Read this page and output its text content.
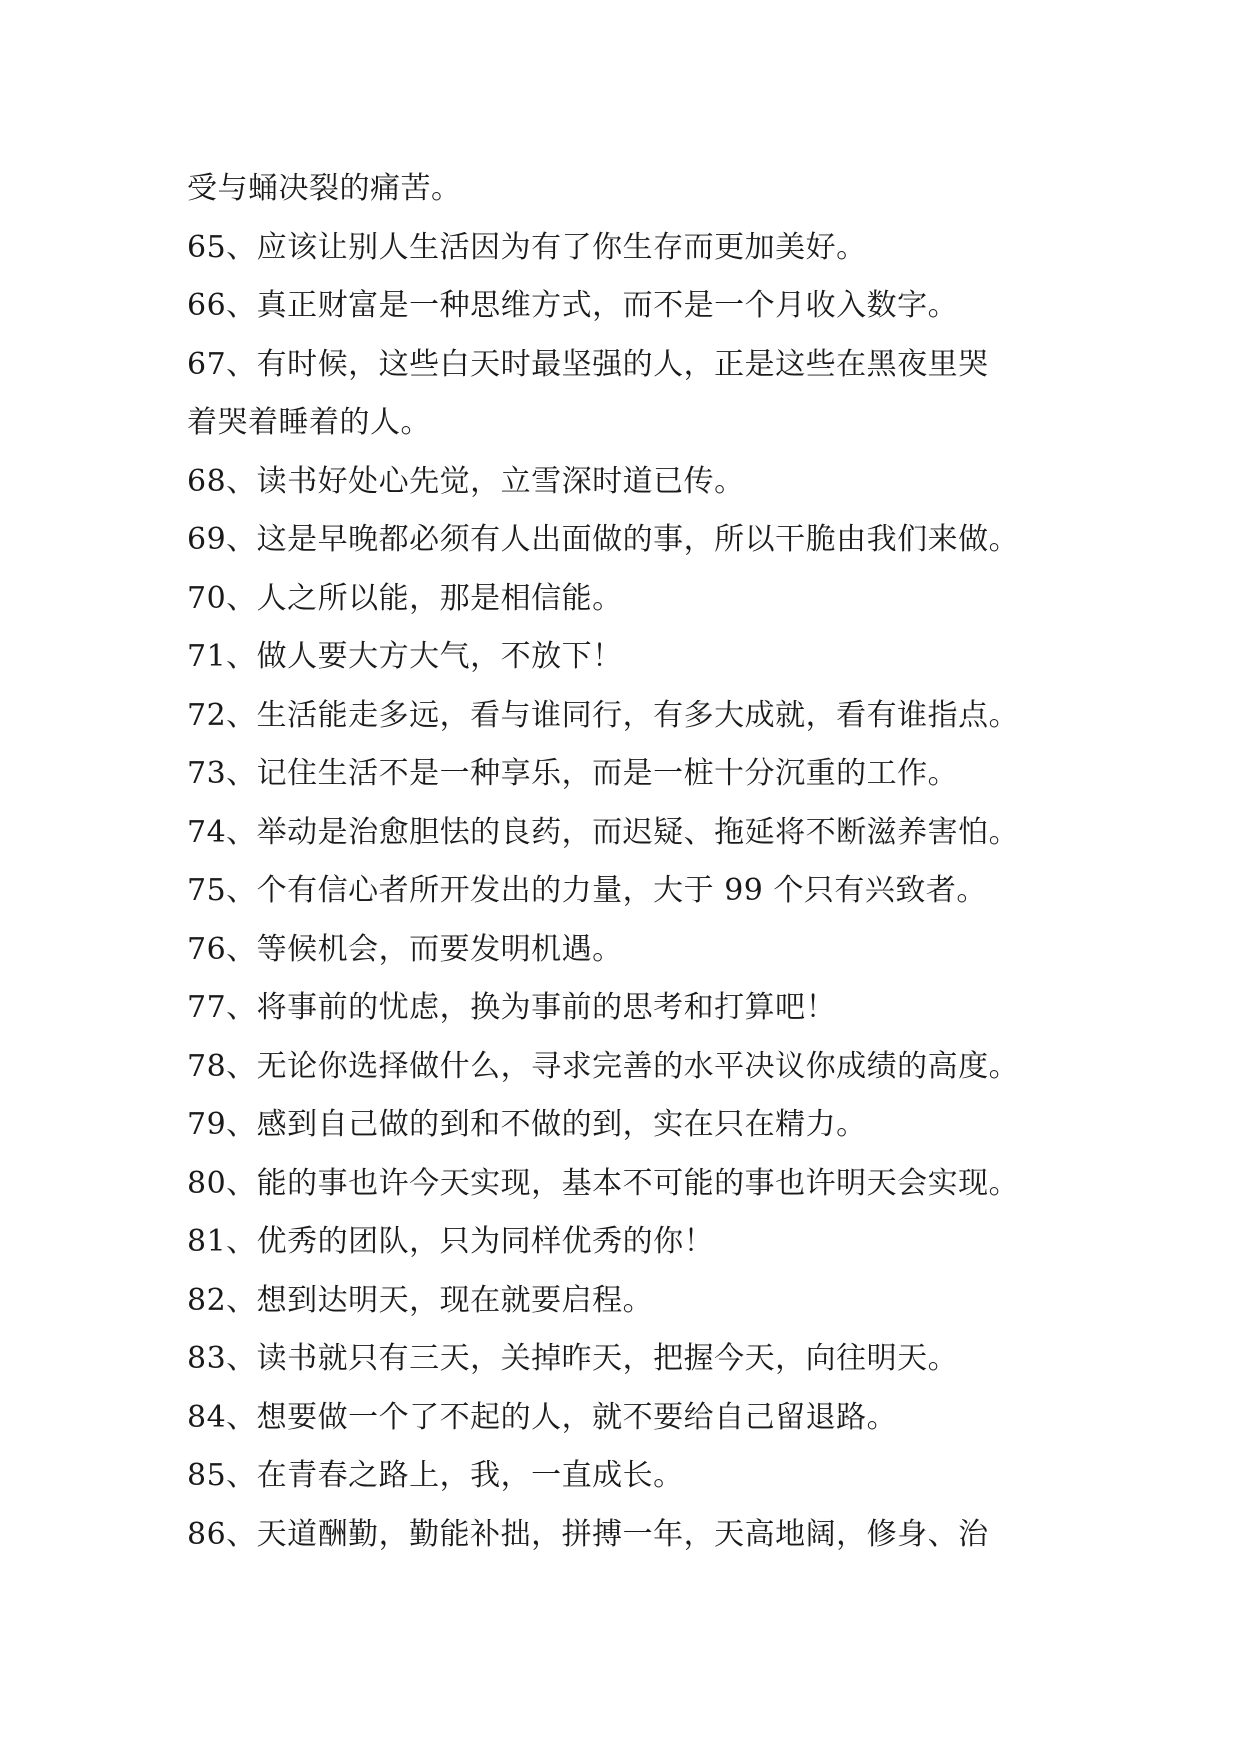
受与蛹决裂的痛苦。
65、应该让别人生活因为有了你生存而更加美好。
66、真正财富是一种思维方式，而不是一个月收入数字。
67、有时候，这些白天时最坚强的人，正是这些在黑夜里哭
着哭着睡着的人。
68、读书好处心先觉，立雪深时道已传。
69、这是早晚都必须有人出面做的事，所以干脆由我们来做。
70、人之所以能，那是相信能。
71、做人要大方大气，不放下！
72、生活能走多远，看与谁同行，有多大成就，看有谁指点。
73、记住生活不是一种享乐，而是一桩十分沉重的工作。
74、举动是治愈胆怯的良药，而迟疑、拖延将不断滋养害怕。
75、个有信心者所开发出的力量，大于 99 个只有兴致者。
76、等候机会，而要发明机遇。
77、将事前的忧虑，换为事前的思考和打算吧！
78、无论你选择做什么，寻求完善的水平决议你成绩的高度。
79、感到自己做的到和不做的到，实在只在精力。
80、能的事也许今天实现，基本不可能的事也许明天会实现。
81、优秀的团队，只为同样优秀的你！
82、想到达明天，现在就要启程。
83、读书就只有三天，关掉昨天，把握今天，向往明天。
84、想要做一个了不起的人，就不要给自己留退路。
85、在青春之路上，我，一直成长。
86、天道酬勤，勤能补拙，拼搏一年，天高地阔，修身、治
